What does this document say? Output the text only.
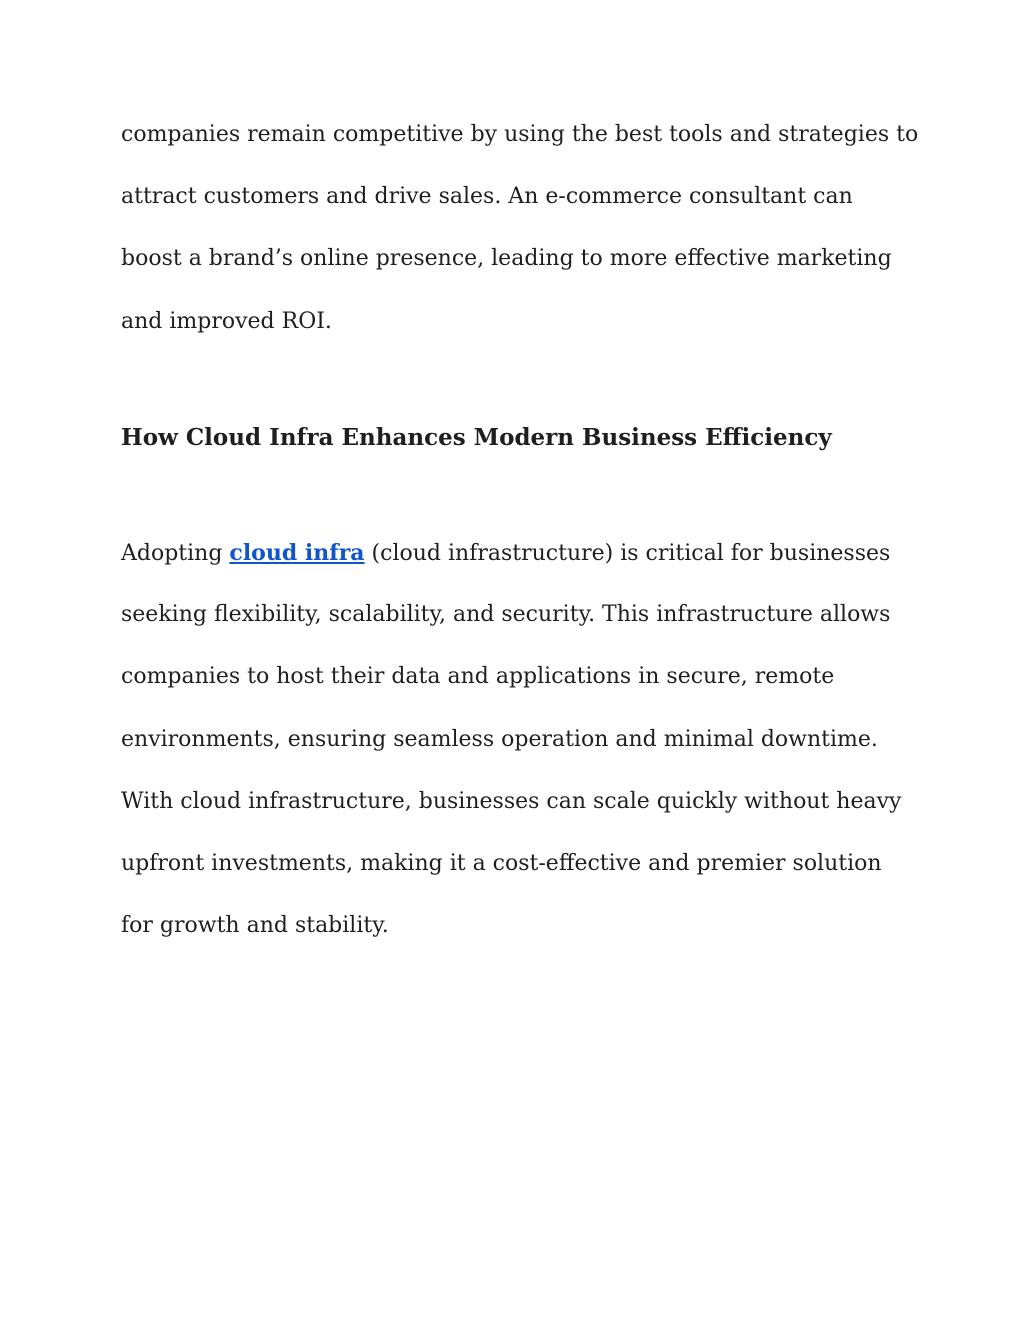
companies remain competitive by using the best tools and strategies to

attract customers and drive sales. An e-commerce consultant can

boost a brand’s online presence, leading to more effective marketing

and improved ROI.

How Cloud Infra Enhances Modern Business Efficiency

Adopting cloud infra (cloud infrastructure) is critical for businesses

seeking flexibility, scalability, and security. This infrastructure allows

companies to host their data and applications in secure, remote

environments, ensuring seamless operation and minimal downtime.

With cloud infrastructure, businesses can scale quickly without heavy

upfront investments, making it a cost-effective and premier solution

for growth and stability.
